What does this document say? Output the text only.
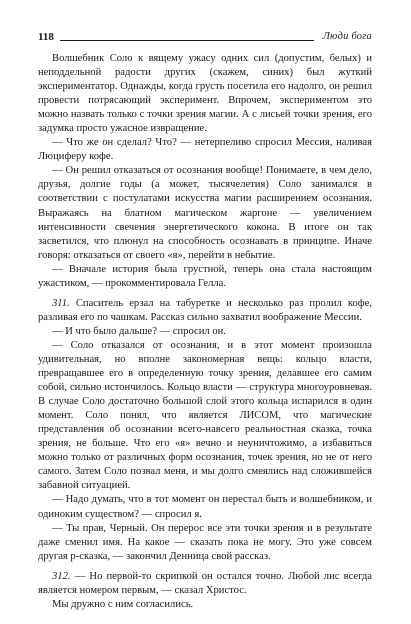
118	Люди бога

Волшебник Соло к вящему ужасу одних сил (допустим, белых) и неподдельной радости других (скажем, синих) был жуткий экспериментатор. Однажды, когда грусть посетила его надолго, он решил провести потрясающий эксперимент. Впрочем, экспериментом это можно назвать только с точки зрения магии. А с лисьей точки зрения, его задумка просто ужасное извращение.

— Что же он сделал? Что? — нетерпеливо спросил Мессия, наливая Люциферу кофе.

— Он решил отказаться от осознания вообще! Понимаете, в чем дело, друзья, долгие годы (а может, тысячелетия) Соло занимался в соответствии с постулатами искусства магии расширением осознания. Выражаясь на блатном магическом жаргоне — увеличением интенсивности свечения энергетического кокона. В итоге он так засветился, что плюнул на способность осознавать в принципе. Иначе говоря: отказаться от своего «я», перейти в небытие.

— Вначале история была грустной, теперь она стала настоящим ужастиком, — прокомментировала Гелла.

311. Спаситель ерзал на табуретке и несколько раз пролил кофе, разливая его по чашкам. Рассказ сильно захватил воображение Мессии.

— И что было дальше? — спросил он.

— Соло отказался от осознания, и в этот момент произошла удивительная, но вполне закономерная вещь: кольцо власти, превращавшее его в определенную точку зрения, делавшее его самим собой, сильно истончилось. Кольцо власти — структура многоуровневая. В случае Соло достаточно большой слой этого кольца испарился в один момент. Соло понял, что является ЛИСОМ, что магические представления об осознании всего-навсего реальностная сказка, точка зрения, не больше. Что его «я» вечно и неуничтожимо, а избавиться можно только от различных форм осознания, точек зрения, но не от него самого. Затем Соло позвал меня, и мы долго смеялись над сложившейся забавной ситуацией.

— Надо думать, что в тот момент он перестал быть и волшебником, и одиноким существом? — спросил я.

— Ты прав, Черный. Он перерос все эти точки зрения и в результате даже сменил имя. На какое — сказать пока не могу. Это уже совсем другая р-сказка, — закончил Денница свой рассказ.

312. — Но первой-то скрипкой он остался точно. Любой лис всегда является номером первым, — сказал Христос.

Мы дружно с ним согласились.
